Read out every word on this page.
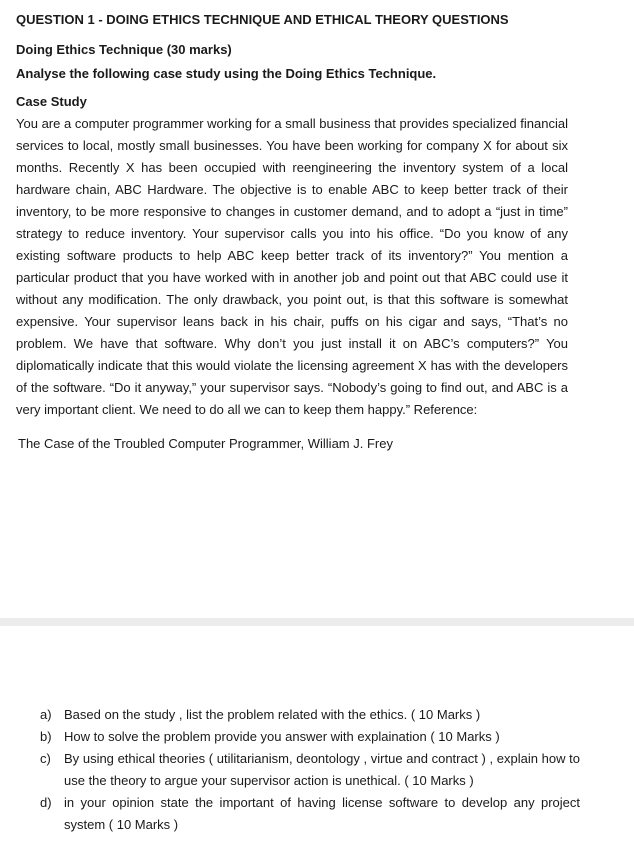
QUESTION 1 - DOING ETHICS TECHNIQUE AND ETHICAL THEORY QUESTIONS
Doing Ethics Technique (30 marks)
Analyse the following case study using the Doing Ethics Technique.
Case Study
You are a computer programmer working for a small business that provides specialized financial services to local, mostly small businesses. You have been working for company X for about six months. Recently X has been occupied with reengineering the inventory system of a local hardware chain, ABC Hardware. The objective is to enable ABC to keep better track of their inventory, to be more responsive to changes in customer demand, and to adopt a “just in time” strategy to reduce inventory. Your supervisor calls you into his office. “Do you know of any existing software products to help ABC keep better track of its inventory?” You mention a particular product that you have worked with in another job and point out that ABC could use it without any modification. The only drawback, you point out, is that this software is somewhat expensive. Your supervisor leans back in his chair, puffs on his cigar and says, “That’s no problem. We have that software. Why don’t you just install it on ABC’s computers?” You diplomatically indicate that this would violate the licensing agreement X has with the developers of the software. “Do it anyway,” your supervisor says. “Nobody’s going to find out, and ABC is a very important client. We need to do all we can to keep them happy.” Reference:
The Case of the Troubled Computer Programmer, William J. Frey
a) Based on the study , list the problem related with the ethics. ( 10 Marks )
b) How to solve the problem provide you answer with explaination ( 10 Marks )
c) By using ethical theories ( utilitarianism, deontology , virtue and contract ) , explain how to use the theory to argue your supervisor action is unethical. ( 10 Marks )
d) in your opinion state the important of having license software to develop any project system ( 10 Marks )
